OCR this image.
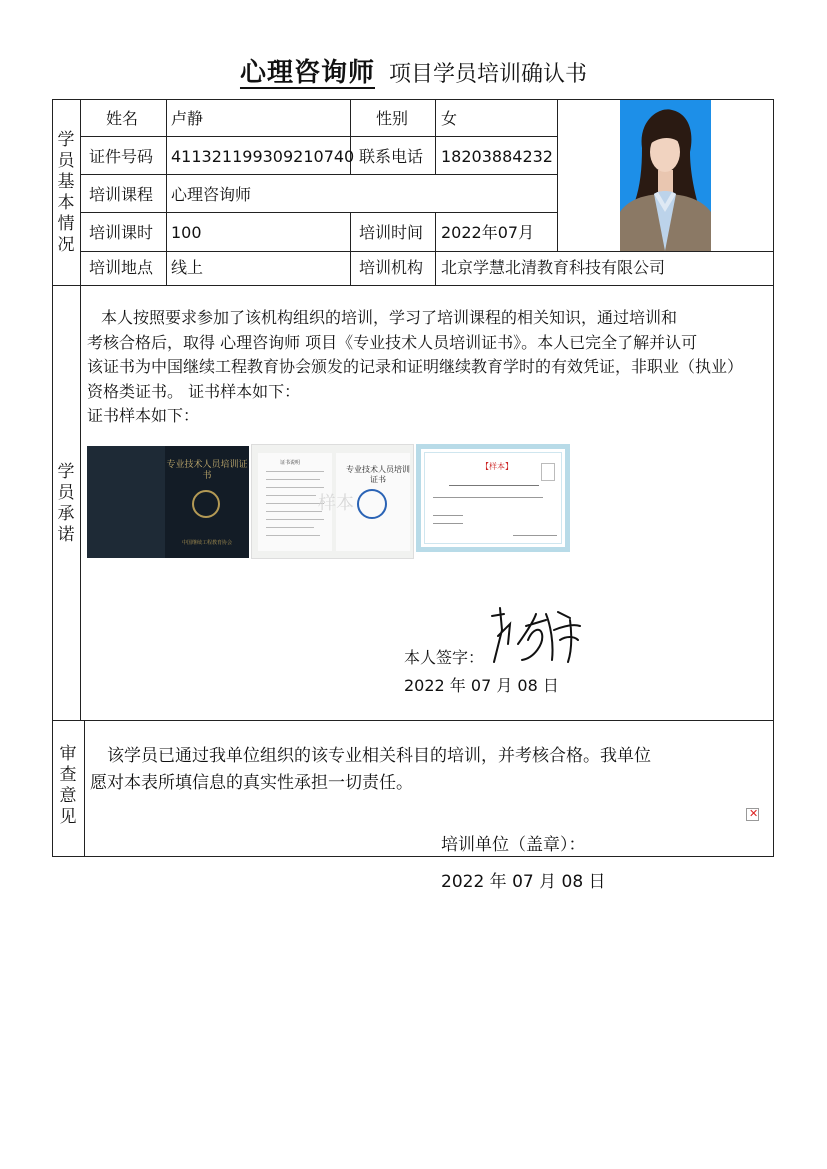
心理咨询师 项目学员培训确认书
学
员
基
本
情
况
姓名 卢静	性别 女
证件号码 411321199309210740 联系电话 18203884232
培训课程 心理咨询师
培训课时 100	培训时间 2022年07月
培训地点 线上	培训机构 北京学慧北清教育科技有限公司
学
员
承
诺

本人按照要求参加了该机构组织的培训，学习了培训课程的相关知识，通过培训和

考核合格后，取得 心理咨询师 项目《专业技术人员培训证书》。本人已完全了解并认可

该证书为中国继续工程教育协会颁发的记录和证明继续教育学时的有效凭证，非职业（执业）

资格类证书。 证书样本如下：

证书样本如下：

专业技术人员培训证书
中国继续工程教育协会
证书说明
样本
专业技术人员培训证书
【样本】
本人签字：
2022 年 07 月 08 日
审
查
意
见

该学员已通过我单位组织的该专业相关科目的培训，并考核合格。我单位

愿对本表所填信息的真实性承担一切责任。

✕
培训单位（盖章）：
2022 年 07 月 08 日
